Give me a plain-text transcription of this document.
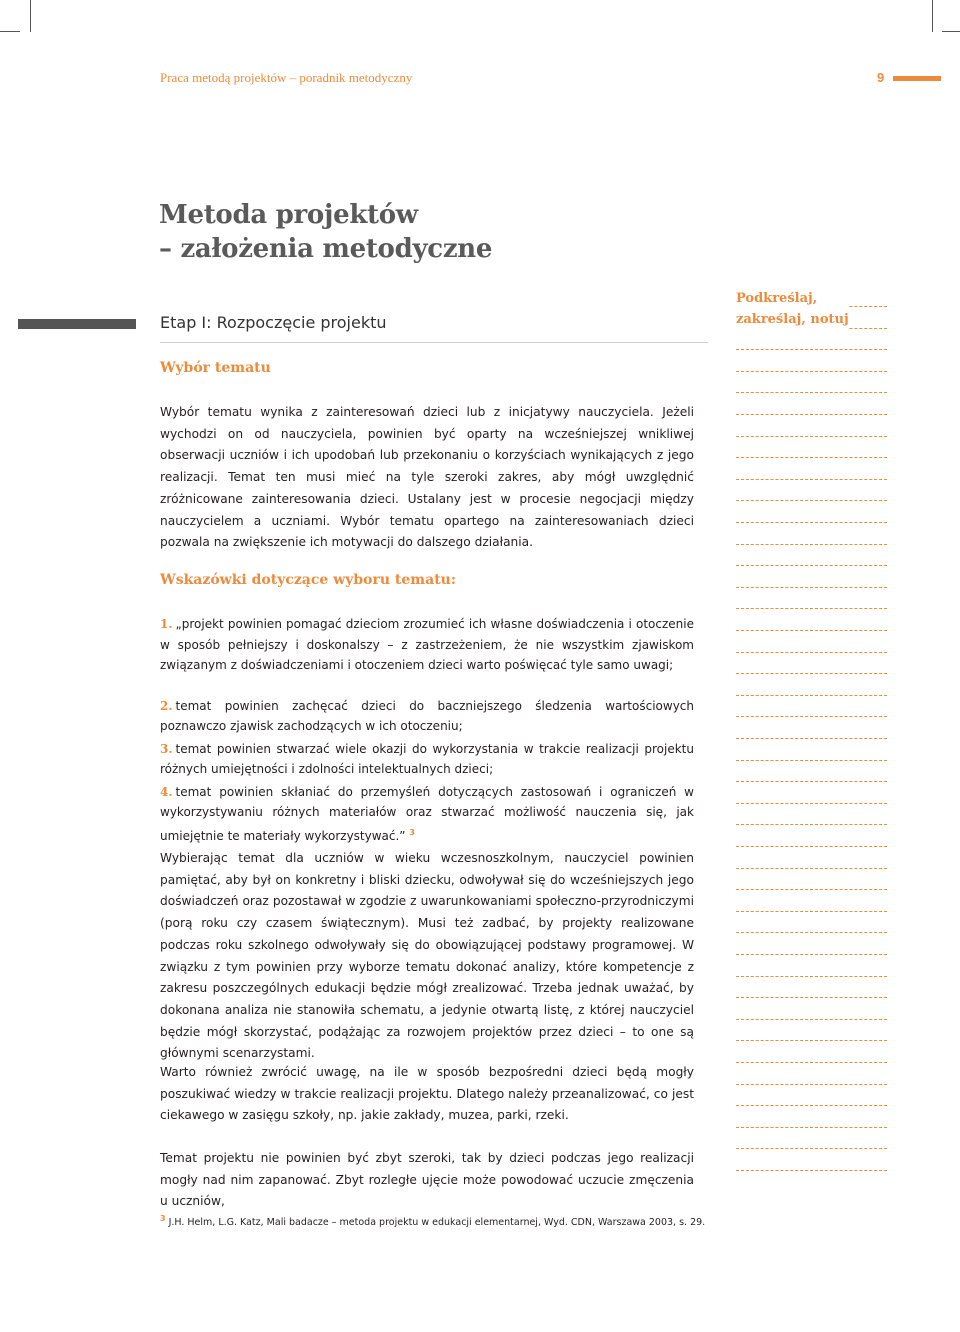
Praca metodą projektów – poradnik metodyczny	9
Metoda projektów
– założenia metodyczne
Etap I: Rozpoczęcie projektu
Wybór tematu
Wybór tematu wynika z zainteresowań dzieci lub z inicjatywy nauczyciela. Jeżeli wychodzi on od nauczyciela, powinien być oparty na wcześniejszej wnikliwej obserwacji uczniów i ich upodobań lub przekonaniu o korzyściach wynikających z jego realizacji. Temat ten musi mieć na tyle szeroki zakres, aby mógł uwzględnić zróżnicowane zainteresowania dzieci. Ustalany jest w procesie negocjacji między nauczycielem a uczniami. Wybór tematu opartego na zainteresowaniach dzieci pozwala na zwiększenie ich motywacji do dalszego działania.
Wskazówki dotyczące wyboru tematu:
1. „projekt powinien pomagać dzieciom zrozumieć ich własne doświadczenia i otoczenie w sposób pełniejszy i doskonalszy – z zastrzeżeniem, że nie wszystkim zjawiskom związanym z doświadczeniami i otoczeniem dzieci warto poświęcać tyle samo uwagi;
2. temat powinien zachęcać dzieci do baczniejszego śledzenia wartościowych poznawczo zjawisk zachodzących w ich otoczeniu;
3. temat powinien stwarzać wiele okazji do wykorzystania w trakcie realizacji projektu różnych umiejętności i zdolności intelektualnych dzieci;
4. temat powinien skłaniać do przemyśleń dotyczących zastosowań i ograniczeń w wykorzystywaniu różnych materiałów oraz stwarzać możliwość nauczenia się, jak umiejętnie te materiały wykorzystywać.” $^3$
Wybierając temat dla uczniów w wieku wczesnoszkolnym, nauczyciel powinien pamiętać, aby był on konkretny i bliski dziecku, odwoływał się do wcześniejszych jego doświadczeń oraz pozostawał w zgodzie z uwarunkowaniami społeczno-przyrodniczymi (porą roku czy czasem świątecznym). Musi też zadbać, by projekty realizowane podczas roku szkolnego odwoływały się do obowiązującej podstawy programowej. W związku z tym powinien przy wyborze tematu dokonać analizy, które kompetencje z zakresu poszczególnych edukacji będzie mógł zrealizować. Trzeba jednak uważać, by dokonana analiza nie stanowiła schematu, a jedynie otwartą listę, z której nauczyciel będzie mógł skorzystać, podążając za rozwojem projektów przez dzieci – to one są głównymi scenarzystami.
Warto również zwrócić uwagę, na ile w sposób bezpośredni dzieci będą mogły poszukiwać wiedzy w trakcie realizacji projektu. Dlatego należy przeanalizować, co jest ciekawego w zasięgu szkoły, np. jakie zakłady, muzea, parki, rzeki.
Temat projektu nie powinien być zbyt szeroki, tak by dzieci podczas jego realizacji mogły nad nim zapanować. Zbyt rozległe ujęcie może powodować uczucie zmęczenia u uczniów,
$^3$ J.H. Helm, L.G. Katz, Mali badacze – metoda projektu w edukacji elementarnej, Wyd. CDN, Warszawa 2003, s. 29.
Podkreślaj,
zakreślaj, notuj
